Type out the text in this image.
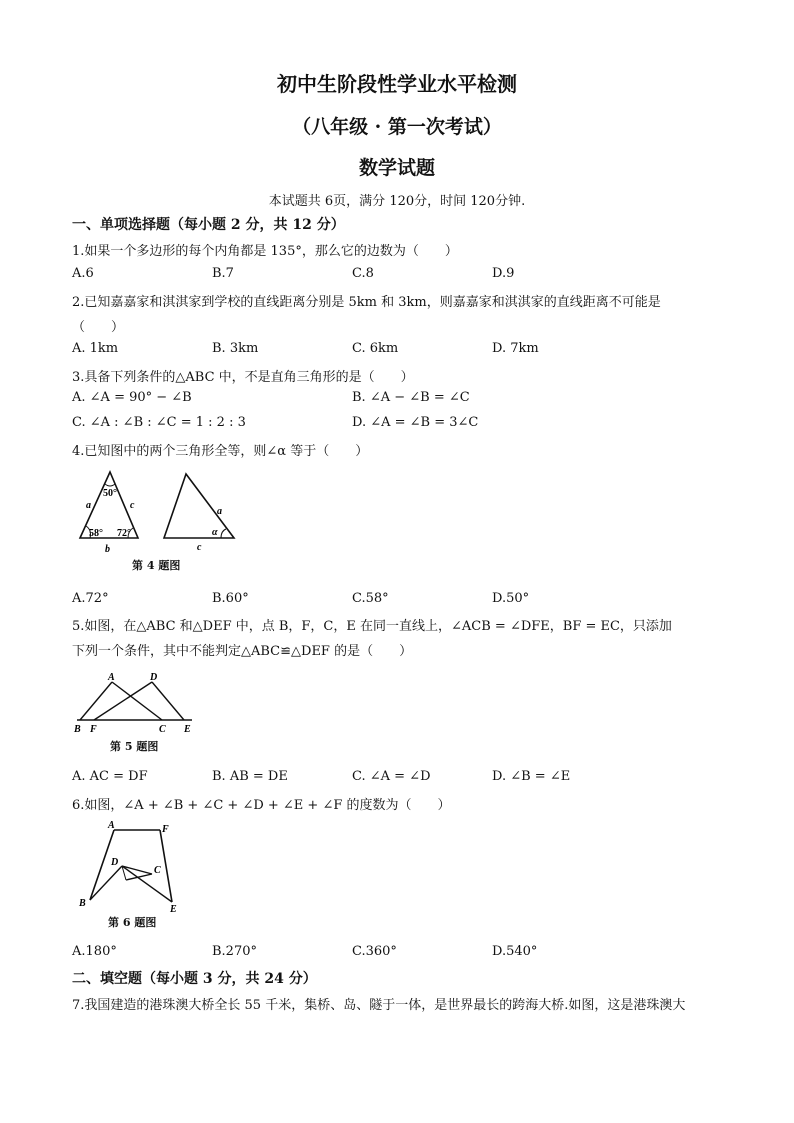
初中生阶段性学业水平检测
（八年级 · 第一次考试）
数学试题
本试题共 6页，满分 120分，时间 120分钟.
一、单项选择题（每小题 2 分，共 12 分）
1.如果一个多边形的每个内角都是 135°，那么它的边数为（　　）
A.6	B.7	C.8	D.9
2.已知嘉嘉家和淇淇家到学校的直线距离分别是 5km 和 3km，则嘉嘉家和淇淇家的直线距离不可能是
（　　）
A. 1km	B. 3km	C. 6km	D. 7km
3.具备下列条件的△ABC 中，不是直角三角形的是（　　）
A. ∠A = 90° − ∠B	B. ∠A − ∠B = ∠C
C. ∠A : ∠B : ∠C = 1 : 2 : 3	D. ∠A = ∠B = 3∠C
4.已知图中的两个三角形全等，则∠α 等于（　　）
50°
58° 72°
a	c
b
a
α
c
第 4 题图
A.72°	B.60°	C.58°	D.50°
5.如图，在△ABC 和△DEF 中，点 B，F，C，E 在同一直线上，∠ACB = ∠DFE，BF = EC，只添加
下列一个条件，其中不能判定△ABC≌△DEF 的是（　　）
A	D
B F	C E
第 5 题图
A. AC = DF	B. AB = DE	C. ∠A = ∠D	D. ∠B = ∠E
6.如图，∠A + ∠B + ∠C + ∠D + ∠E + ∠F 的度数为（　　）
A	F
D
C
B
E
第 6 题图
A.180°	B.270°	C.360°	D.540°
二、填空题（每小题 3 分，共 24 分）
7.我国建造的港珠澳大桥全长 55 千米，集桥、岛、隧于一体，是世界最长的跨海大桥.如图，这是港珠澳大
